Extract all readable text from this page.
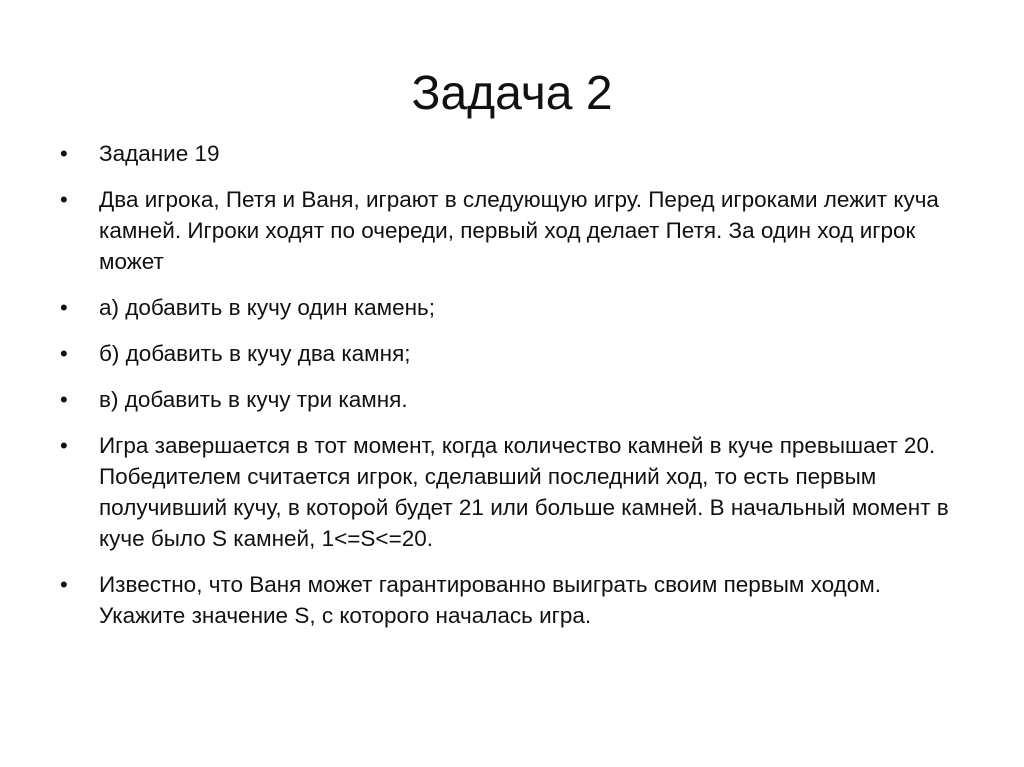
Задача 2
•	Задание 19
•	Два игрока, Петя и Ваня, играют в следующую игру. Перед игроками лежит куча камней. Игроки ходят по очереди, первый ход делает Петя. За один ход игрок может
•	а) добавить в кучу один камень;
•	б) добавить в кучу два камня;
•	в) добавить в кучу три камня.
•	Игра завершается в тот момент, когда количество камней в куче превышает 20. Победителем считается игрок, сделавший последний ход, то есть первым получивший кучу, в которой будет 21 или больше камней. В начальный момент в куче было S камней, 1<=S<=20.
•	Известно, что Ваня может гарантированно выиграть своим первым ходом. Укажите значение S, с которого началась игра.
